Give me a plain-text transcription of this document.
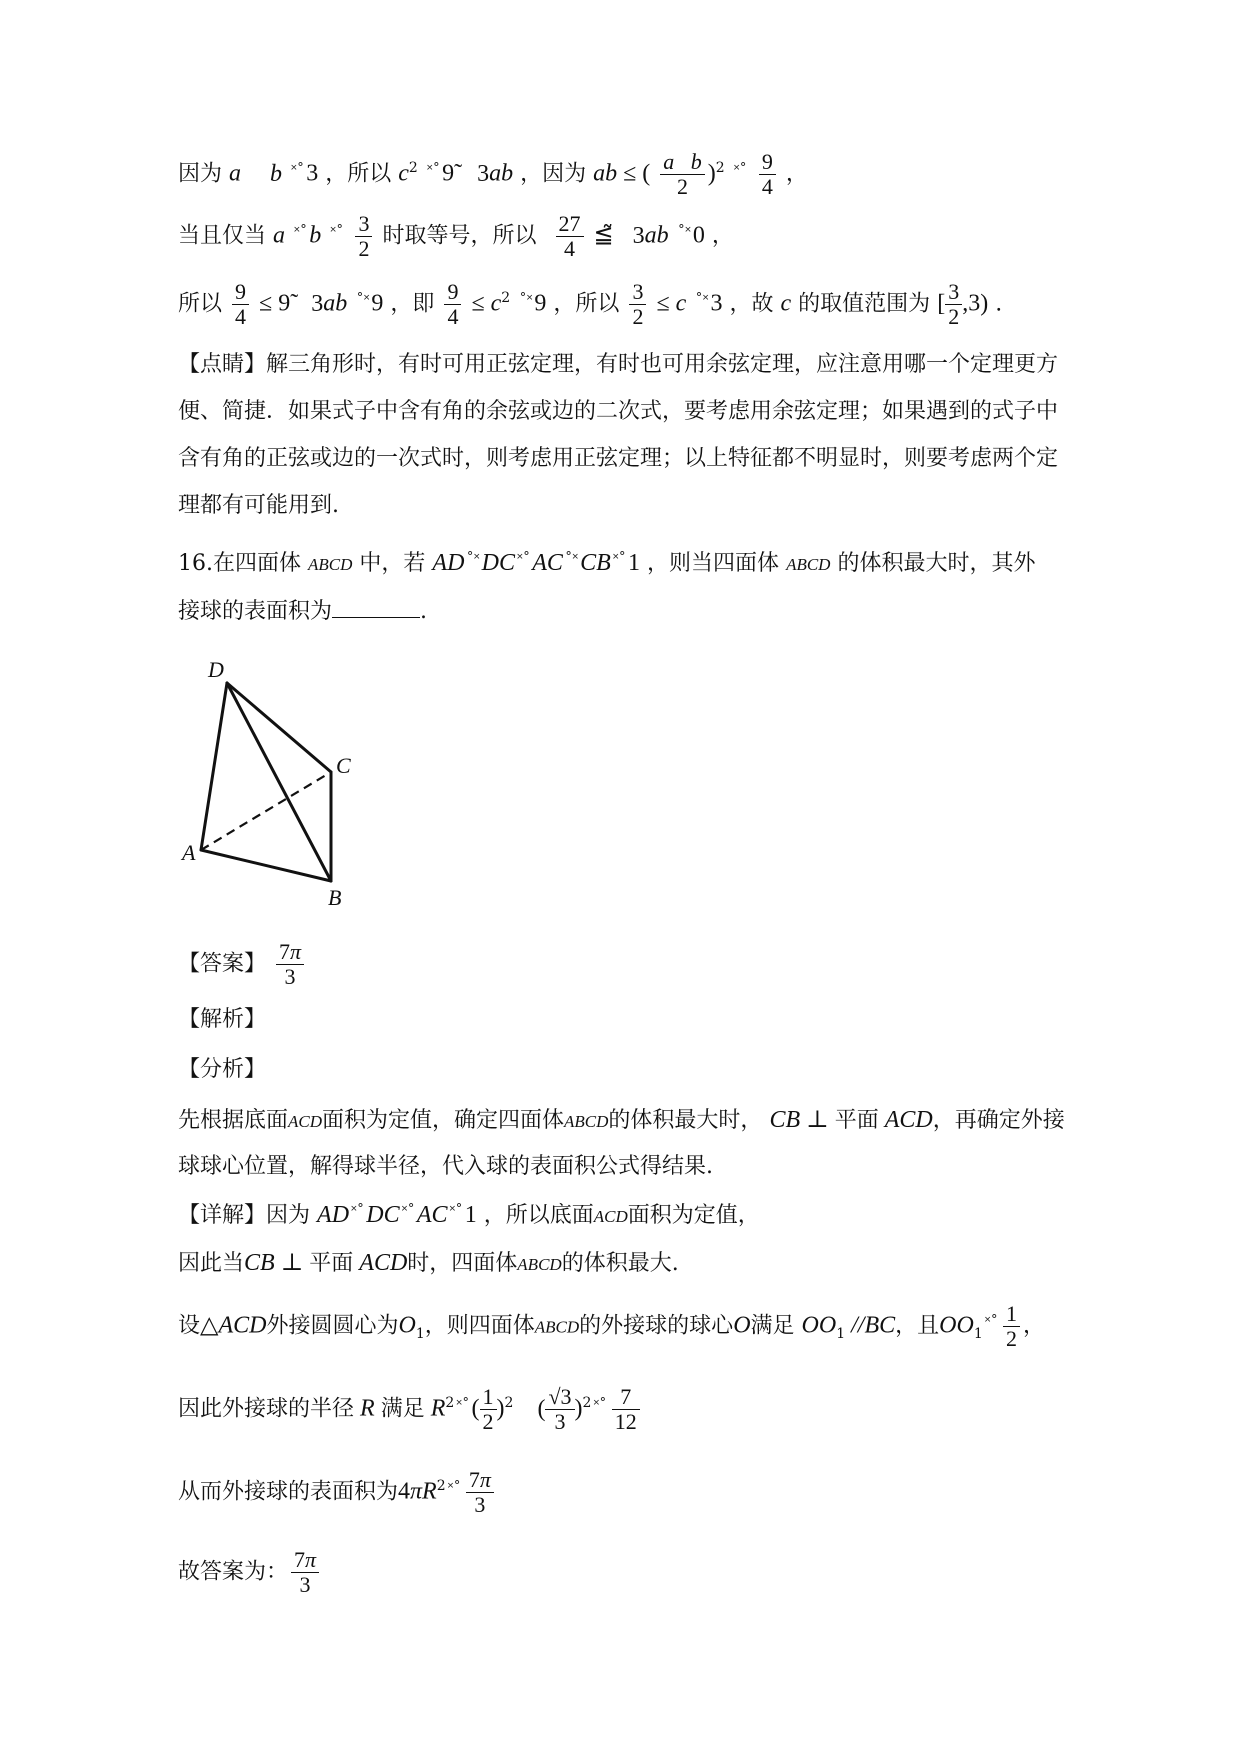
因为 a b ˟˚3 ，所以 $c^2$ ˟˚9̃ 3ab ，因为 ab ≤ ( $\frac{\text{a b}}{2} )^2$ $^{˟˚} \frac{9}{4}$ ，
当且仅当 a ˟˚b $^{˟˚} \frac{3}{2}$ 时取等号，所以 $\frac{27}{4}$ ≦̃ 3ab ˚˟0 ，
所以 $\frac{9}{4}$ ≤ 9̃ 3ab ˚˟9 ，即 $\frac{9}{4} \le c^2$ ˚˟9 ，所以 $\frac{3}{2} \le c$ ˚˟3 ，故 c 的取值范围为 [ $\frac{3}{2} ,3$) .
【点睛】解三角形时，有时可用正弦定理，有时也可用余弦定理，应注意用哪一个定理更方
便、简捷．如果式子中含有角的余弦或边的二次式，要考虑用余弦定理；如果遇到的式子中
含有角的正弦或边的一次式时，则考虑用正弦定理；以上特征都不明显时，则要考虑两个定
理都有可能用到.
16.在四面体 ABCD 中，若 AD ˚˟DC ˟˚AC ˚˟CB ˟˚1 ，则当四面体 ABCD 的体积最大时，其外
接球的表面积为	.
D
C
A
B
【答案】 $\frac{7\pi}{3}$
【解析】
【分析】
先根据底面ACD面积为定值，确定四面体ABCD的体积最大时， CB ⊥ 平面 ACD，再确定外接
球球心位置，解得球半径，代入球的表面积公式得结果.
【详解】因为 AD ˟˚DC ˟˚AC ˟˚1 ，所以底面ACD面积为定值，
因此当CB ⊥ 平面 ACD时，四面体ABCD的体积最大.
设△ACD外接圆圆心为$O_1$，则四面体ABCD的外接球的球心O满足 $OO_1$ //BC，且$OO_1^{˟˚} \frac{1}{2}$ ，
因此外接球的半径 R 满足 $R^2$ $^{˟˚}( \frac{1}{2} )^2$ ( $\frac{√3}{3} )^2$ $^{˟˚} \frac{7}{12}$
从而外接球的表面积为$4\pi R^2$ $^{˟˚} \frac{7\pi}{3}$
故答案为： $\frac{7\pi}{3}$
